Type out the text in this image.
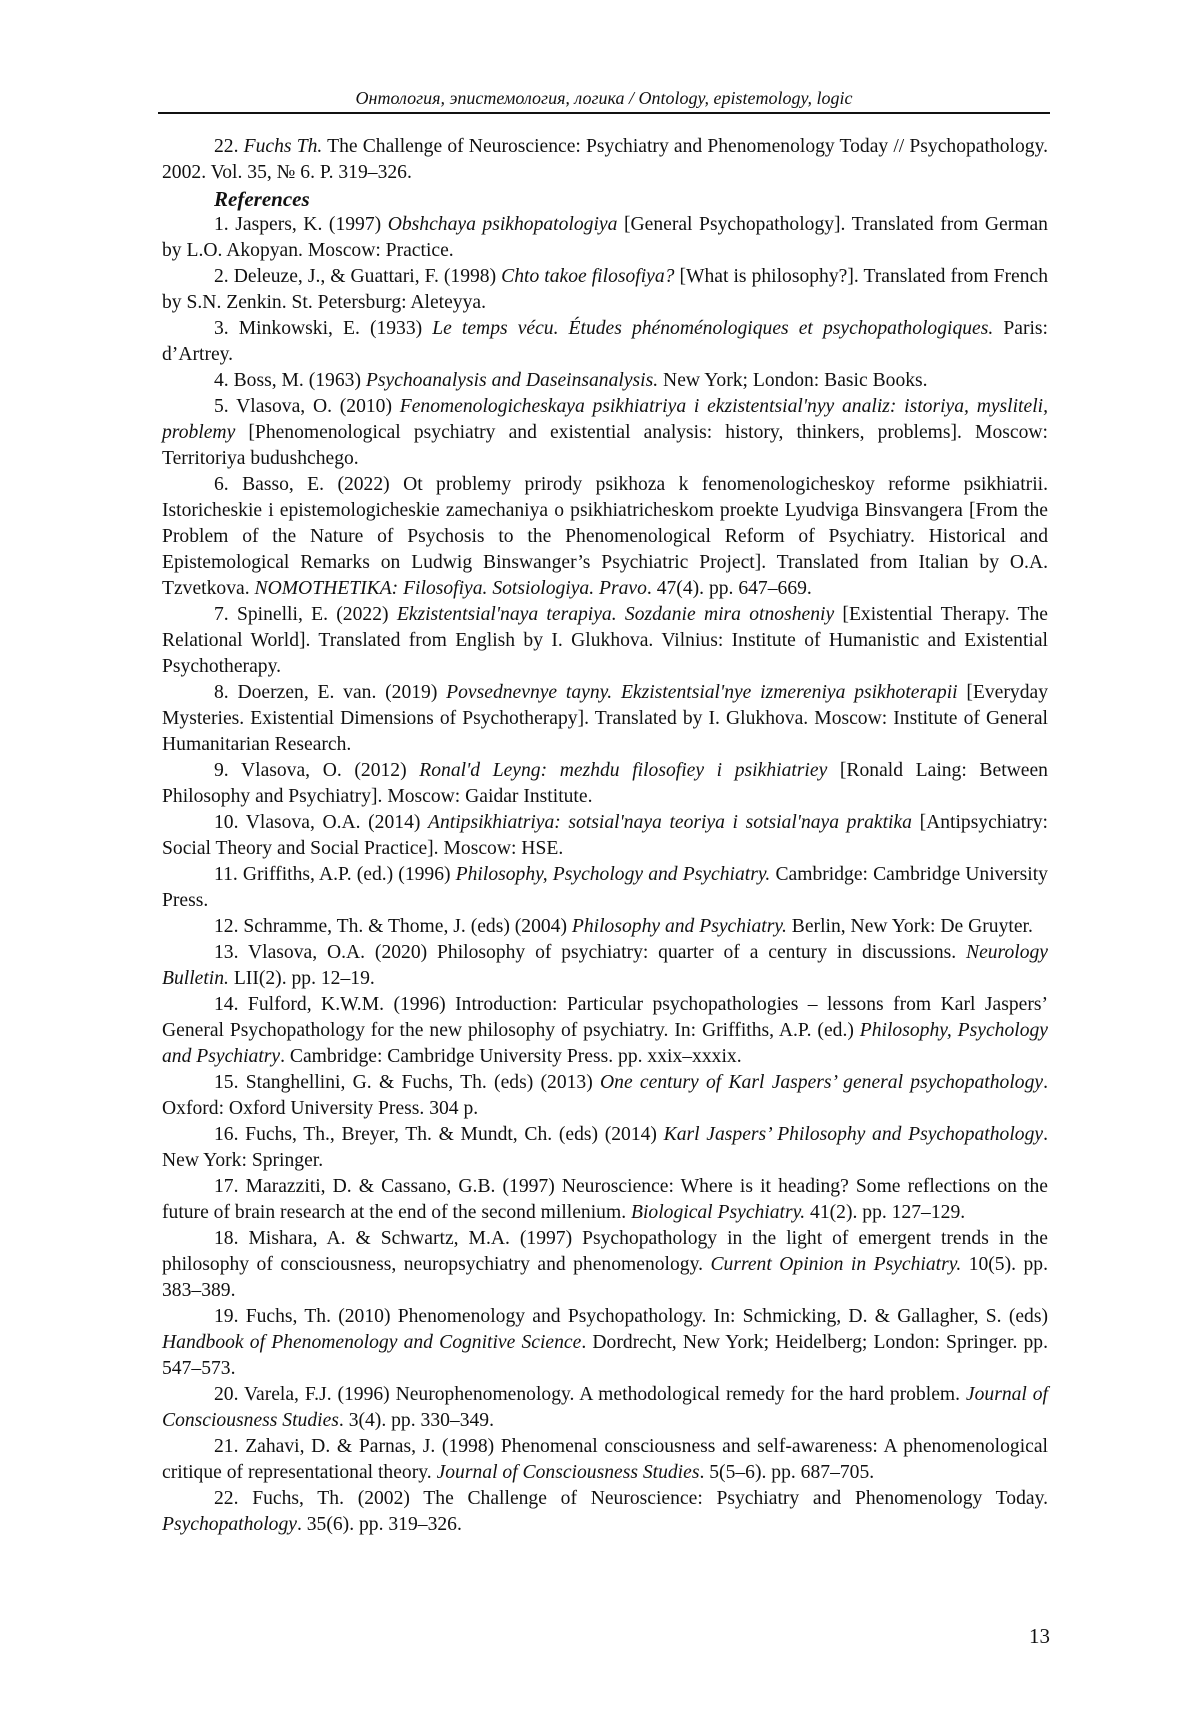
Онтология, эпистемология, логика / Ontology, epistemology, logic

22. Fuchs Th. The Challenge of Neuroscience: Psychiatry and Phenomenology Today // Psychopathology. 2002. Vol. 35, № 6. P. 319–326.

References

1. Jaspers, K. (1997) Obshchaya psikhopatologiya [General Psychopathology]. Translated from German by L.O. Akopyan. Moscow: Practice.

2. Deleuze, J., & Guattari, F. (1998) Chto takoe filosofiya? [What is philosophy?]. Translated from French by S.N. Zenkin. St. Petersburg: Aleteyya.

3. Minkowski, E. (1933) Le temps vécu. Études phénoménologiques et psychopathologiques. Paris: d’Artrey.

4. Boss, M. (1963) Psychoanalysis and Daseinsanalysis. New York; London: Basic Books.

5. Vlasova, O. (2010) Fenomenologicheskaya psikhiatriya i ekzistentsial'nyy analiz: istoriya, mysliteli, problemy [Phenomenological psychiatry and existential analysis: history, thinkers, problems]. Moscow: Territoriya budushchego.

6. Basso, E. (2022) Ot problemy prirody psikhoza k fenomenologicheskoy reforme psikhiatrii. Istoricheskie i epistemologicheskie zamechaniya o psikhiatricheskom proekte Lyudviga Binsvangera [From the Problem of the Nature of Psychosis to the Phenomenological Reform of Psychiatry. Historical and Epistemological Remarks on Ludwig Binswanger’s Psychiatric Project]. Translated from Italian by O.A. Tzvetkova. NOMOTHETIKA: Filosofiya. Sotsiologiya. Pravo. 47(4). pp. 647–669.

7. Spinelli, E. (2022) Ekzistentsial'naya terapiya. Sozdanie mira otnosheniy [Existential Therapy. The Relational World]. Translated from English by I. Glukhova. Vilnius: Institute of Humanistic and Existential Psychotherapy.

8. Doerzen, E. van. (2019) Povsednevnye tayny. Ekzistentsial'nye izmereniya psikhoterapii [Everyday Mysteries. Existential Dimensions of Psychotherapy]. Translated by I. Glukhova. Moscow: Institute of General Humanitarian Research.

9. Vlasova, O. (2012) Ronal'd Leyng: mezhdu filosofiey i psikhiatriey [Ronald Laing: Between Philosophy and Psychiatry]. Moscow: Gaidar Institute.

10. Vlasova, O.A. (2014) Antipsikhiatriya: sotsial'naya teoriya i sotsial'naya praktika [Antipsychiatry: Social Theory and Social Practice]. Moscow: HSE.

11. Griffiths, A.P. (ed.) (1996) Philosophy, Psychology and Psychiatry. Cambridge: Cambridge University Press.

12. Schramme, Th. & Thome, J. (eds) (2004) Philosophy and Psychiatry. Berlin, New York: De Gruyter.

13. Vlasova, O.A. (2020) Philosophy of psychiatry: quarter of a century in discussions. Neurology Bulletin. LII(2). pp. 12–19.

14. Fulford, K.W.M. (1996) Introduction: Particular psychopathologies – lessons from Karl Jaspers’ General Psychopathology for the new philosophy of psychiatry. In: Griffiths, A.P. (ed.) Philosophy, Psychology and Psychiatry. Cambridge: Cambridge University Press. pp. xxix–xxxix.

15. Stanghellini, G. & Fuchs, Th. (eds) (2013) One century of Karl Jaspers’ general psychopathology. Oxford: Oxford University Press. 304 p.

16. Fuchs, Th., Breyer, Th. & Mundt, Ch. (eds) (2014) Karl Jaspers’ Philosophy and Psychopathology. New York: Springer.

17. Marazziti, D. & Cassano, G.B. (1997) Neuroscience: Where is it heading? Some reflections on the future of brain research at the end of the second millenium. Biological Psychiatry. 41(2). pp. 127–129.

18. Mishara, A. & Schwartz, M.A. (1997) Psychopathology in the light of emergent trends in the philosophy of consciousness, neuropsychiatry and phenomenology. Current Opinion in Psychiatry. 10(5). pp. 383–389.

19. Fuchs, Th. (2010) Phenomenology and Psychopathology. In: Schmicking, D. & Gallagher, S. (eds) Handbook of Phenomenology and Cognitive Science. Dordrecht, New York; Heidelberg; London: Springer. pp. 547–573.

20. Varela, F.J. (1996) Neurophenomenology. A methodological remedy for the hard problem. Journal of Consciousness Studies. 3(4). pp. 330–349.

21. Zahavi, D. & Parnas, J. (1998) Phenomenal consciousness and self-awareness: A phenomenological critique of representational theory. Journal of Consciousness Studies. 5(5–6). pp. 687–705.

22. Fuchs, Th. (2002) The Challenge of Neuroscience: Psychiatry and Phenomenology Today. Psychopathology. 35(6). pp. 319–326.

13
